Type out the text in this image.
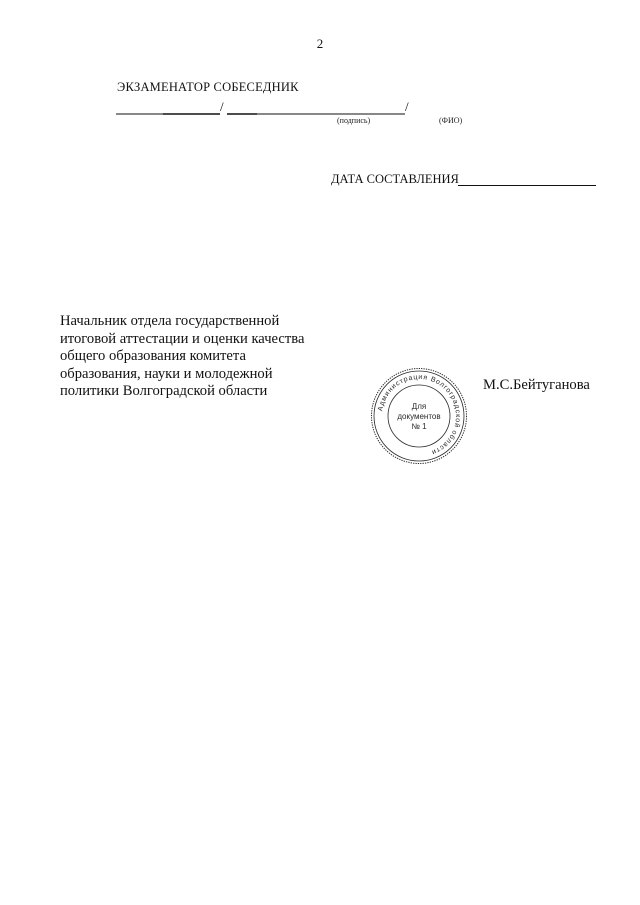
2
ЭКЗАМЕНАТОР СОБЕСЕДНИК
/	/
(подпись)	(ФИО)
ДАТА СОСТАВЛЕНИЯ
Начальник отдела государственной
итоговой аттестации и оценки качества
общего образования комитета
образования, науки и молодежной
политики Волгоградской области	М.С.Бейтуганова
Администрация Волгоградской области
Для
документов
№ 1
